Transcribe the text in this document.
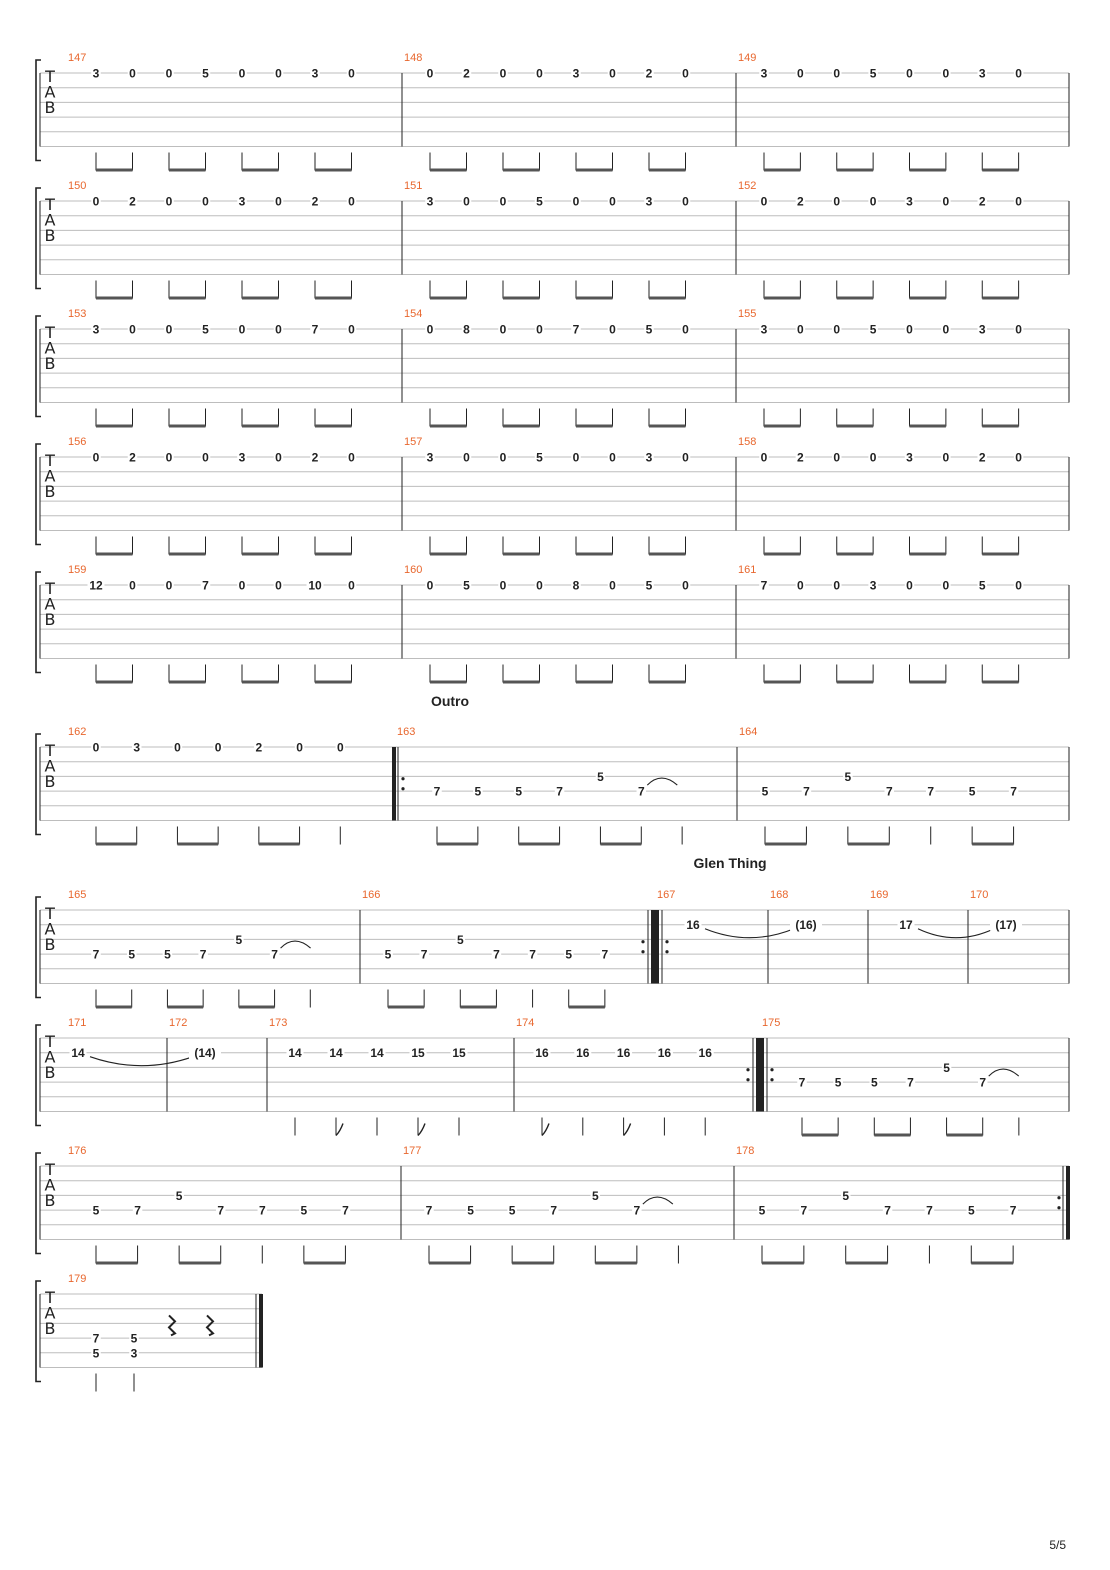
T
A
B
147
3 0 0 5 0 0 3 0
148
0 2 0 0 3 0 2 0
149
3 0 0 5 0 0 3 0
T
A
B
150
0 2 0 0 3 0 2 0
151
3 0 0 5 0 0 3 0
152
0 2 0 0 3 0 2 0
T
A
B
153
3 0 0 5 0 0 7 0
154
0 8 0 0 7 0 5 0
155
3 0 0 5 0 0 3 0
T
A
B
156
0 2 0 0 3 0 2 0
157
3 0 0 5 0 0 3 0
158
0 2 0 0 3 0 2 0
T
A
B
159
12 0 0 7 0 0 10 0
160
0 5 0 0 8 0 5 0
161
7 0 0 3 0 0 5 0
T
A
B
162
0	3	0	0	2	0	0
163
7	5	5	7
5
7
164
5	7
5
7	7	5	7
T
A
B
165
7 5 5 7
5
7
166
5 7
5
7 7 5 7
167
16
168
(16)
169
17
170
(17)
T
A
B
171
14
172
(14)
173
14 14 14 15 15
174
16 16 16 16 16
175
7 5 5 7
5
7
T
A
B
176
5	7
5
7	7	5	7
177
7	5	5	7
5
7
178
5	7
5
7	7	5	7
T
A
B
179
7
5
5
3
Outro
Glen Thing
5/5
